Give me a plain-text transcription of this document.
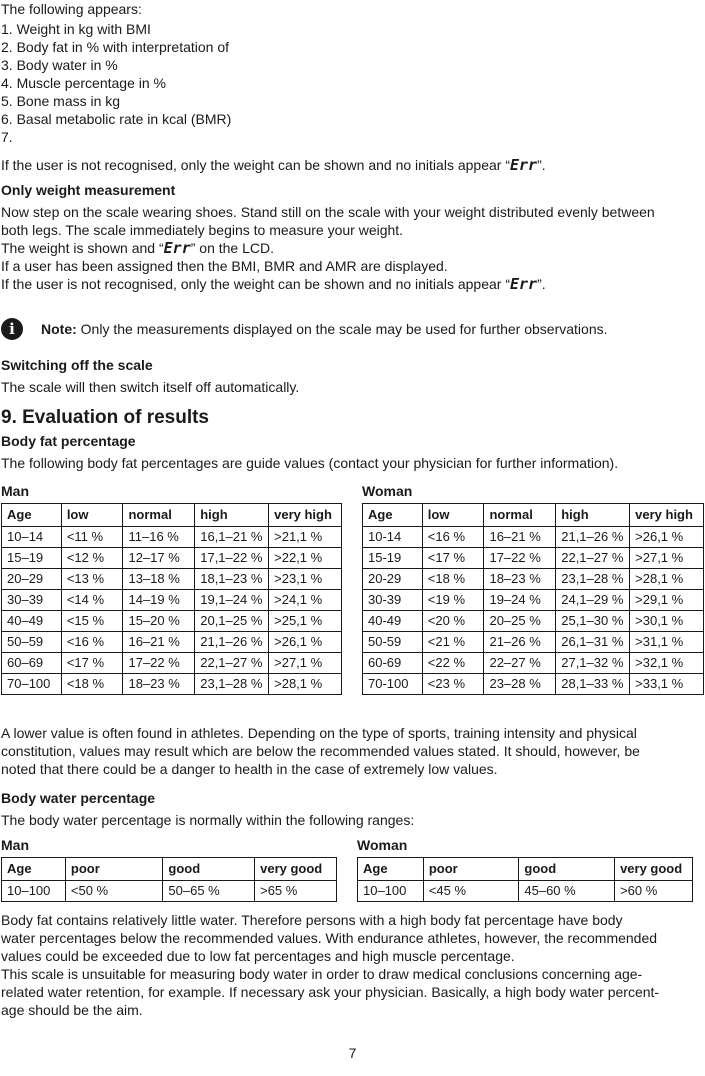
The following appears:

1. Weight in kg with BMI

2. Body fat in % with interpretation of

3. Body water in %

4. Muscle percentage in %

5. Bone mass in kg

6. Basal metabolic rate in kcal (BMR)

7.

If the user is not recognised, only the weight can be shown and no initials appear “Err”.

Only weight measurement

Now step on the scale wearing shoes. Stand still on the scale with your weight distributed evenly between

both legs. The scale immediately begins to measure your weight.

The weight is shown and “Err” on the LCD.

If a user has been assigned then the BMI, BMR and AMR are displayed.

If the user is not recognised, only the weight can be shown and no initials appear “Err”.

i	Note: Only the measurements displayed on the scale may be used for further observations.

Switching off the scale

The scale will then switch itself off automatically.

9. Evaluation of results

Body fat percentage

The following body fat percentages are guide values (contact your physician for further information).

Man	Woman
Age	low	normal	high	very high
10–14	<11 %	11–16 %	16,1–21 %	>21,1 %
15–19	<12 %	12–17 %	17,1–22 %	>22,1 %
20–29	<13 %	13–18 %	18,1–23 %	>23,1 %
30–39	<14 %	14–19 %	19,1–24 %	>24,1 %
40–49	<15 %	15–20 %	20,1–25 %	>25,1 %
50–59	<16 %	16–21 %	21,1–26 %	>26,1 %
60–69	<17 %	17–22 %	22,1–27 %	>27,1 %
70–100	<18 %	18–23 %	23,1–28 %	>28,1 %
Age	low	normal	high	very high
10-14	<16 %	16–21 %	21,1–26 %	>26,1 %
15-19	<17 %	17–22 %	22,1–27 %	>27,1 %
20-29	<18 %	18–23 %	23,1–28 %	>28,1 %
30-39	<19 %	19–24 %	24,1–29 %	>29,1 %
40-49	<20 %	20–25 %	25,1–30 %	>30,1 %
50-59	<21 %	21–26 %	26,1–31 %	>31,1 %
60-69	<22 %	22–27 %	27,1–32 %	>32,1 %
70-100	<23 %	23–28 %	28,1–33 %	>33,1 %

A lower value is often found in athletes. Depending on the type of sports, training intensity and physical

constitution, values may result which are below the recommended values stated. It should, however, be

noted that there could be a danger to health in the case of extremely low values.

Body water percentage

The body water percentage is normally within the following ranges:

Man	Woman
Age	poor	good	very good
10–100	<50 %	50–65 %	>65 %
Age	poor	good	very good
10–100	<45 %	45–60 %	>60 %

Body fat contains relatively little water. Therefore persons with a high body fat percentage have body

water percentages below the recommended values. With endurance athletes, however, the recommended

values could be exceeded due to low fat percentages and high muscle percentage.

This scale is unsuitable for measuring body water in order to draw medical conclusions concerning age-

related water retention, for example. If necessary ask your physician. Basically, a high body water percent-

age should be the aim.

7
